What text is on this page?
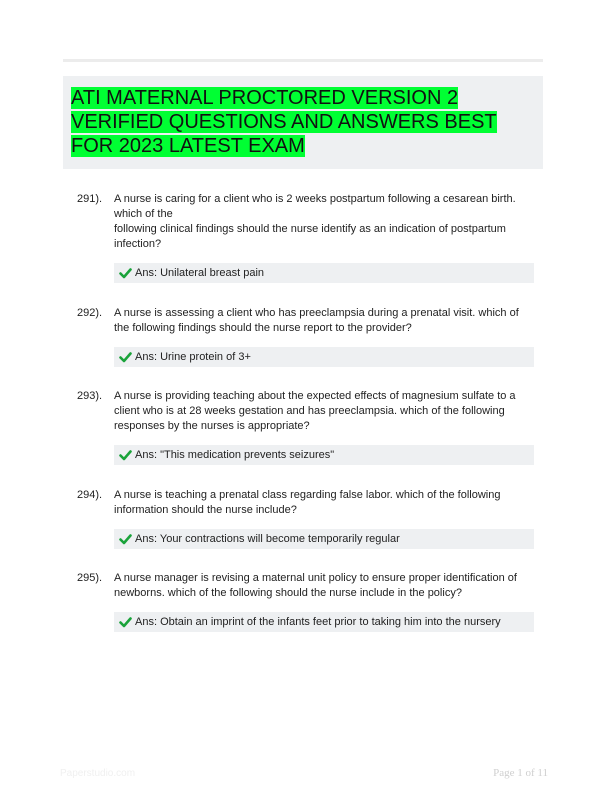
ATI MATERNAL PROCTORED VERSION 2 VERIFIED QUESTIONS AND ANSWERS BEST FOR 2023 LATEST EXAM
291). A nurse is caring for a client who is 2 weeks postpartum following a cesarean birth. which of the
following clinical findings should the nurse identify as an indication of postpartum infection?
Ans: Unilateral breast pain
292). A nurse is assessing a client who has preeclampsia during a prenatal visit. which of the following findings should the nurse report to the provider?
Ans: Urine protein of 3+
293). A nurse is providing teaching about the expected effects of magnesium sulfate to a client who is at 28 weeks gestation and has preeclampsia. which of the following responses by the nurses is appropriate?
Ans: "This medication prevents seizures"
294). A nurse is teaching a prenatal class regarding false labor. which of the following information should the nurse include?
Ans: Your contractions will become temporarily regular
295). A nurse manager is revising a maternal unit policy to ensure proper identification of newborns. which of the following should the nurse include in the policy?
Ans: Obtain an imprint of the infants feet prior to taking him into the nursery
Paperstudio.com	Page 1 of 11
